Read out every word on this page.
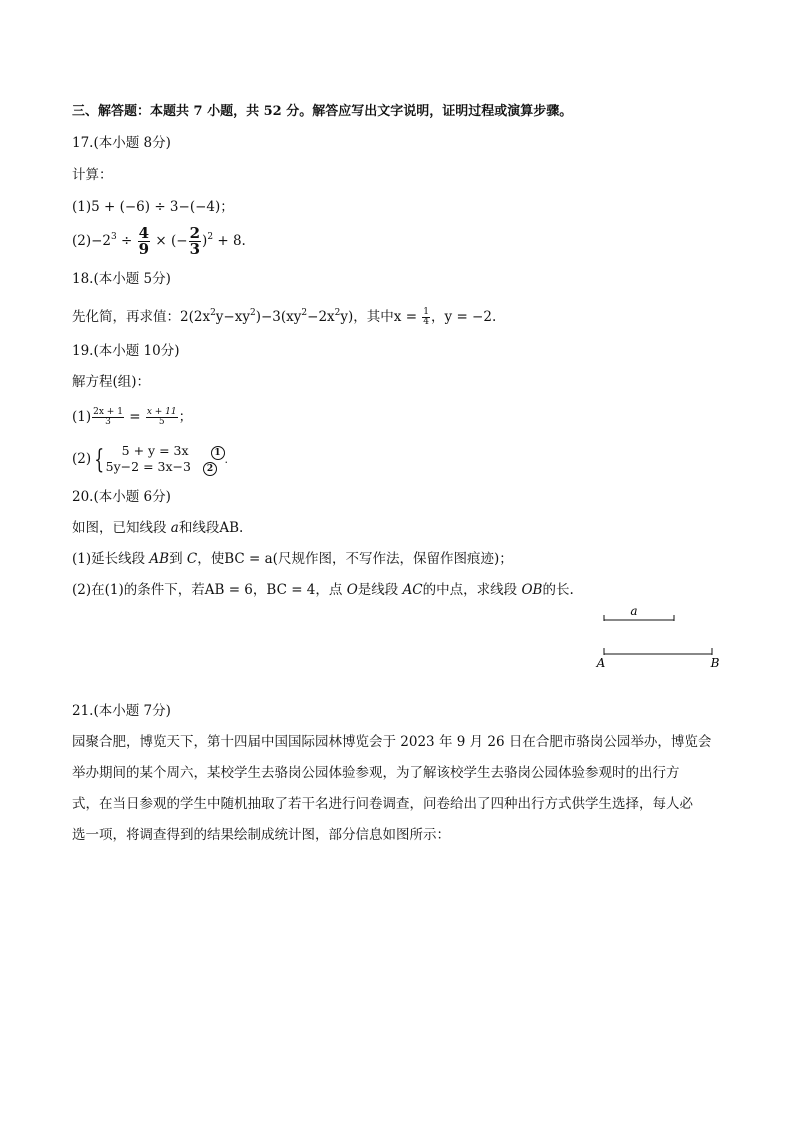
三、解答题：本题共 7 小题，共 52 分。解答应写出文字说明，证明过程或演算步骤。
17.(本小题 8分)
计算：
(1)5 + (−6) ÷ 3−(−4)；
$(2)-2^3 \div \frac{4}{9}$ × (− $\frac{2}{3} )^2 + 8$.
18.(本小题 5分)
先化简，再求值：$2(2x^2y-xy^2)-3(xy^2-2x^2y)$，其中$x = \frac{1}{4}$ ，y = −2.
19.(本小题 10分)
解方程(组)：
$(1) \frac{2x + 1}{3} = \frac{x + 11}{5}$ ；
(2) {	5 + y = 3x	1
5y−2 = 3x−3 2
.
20.(本小题 6分)
如图，已知线段 a和线段AB.
(1)延长线段 AB到 C，使BC = a(尺规作图，不写作法，保留作图痕迹)；
(2)在(1)的条件下，若AB = 6，BC = 4，点 O是线段 AC的中点，求线段 OB的长.
a
A	B
21.(本小题 7分)
园聚合肥，博览天下，第十四届中国国际园林博览会于 2023 年 9 月 26 日在合肥市骆岗公园举办，博览会
举办期间的某个周六，某校学生去骆岗公园体验参观，为了解该校学生去骆岗公园体验参观时的出行方
式，在当日参观的学生中随机抽取了若干名进行问卷调查，问卷给出了四种出行方式供学生选择，每人必
选一项，将调查得到的结果绘制成统计图，部分信息如图所示：
